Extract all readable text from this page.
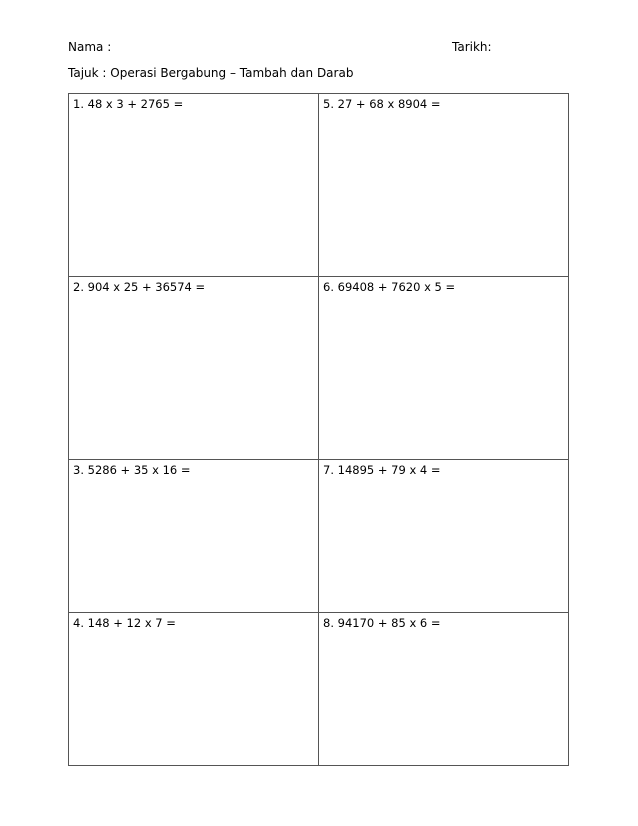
Nama :	Tarikh:
Tajuk : Operasi Bergabung – Tambah dan Darab
1. 48 x 3 + 2765 =	5. 27 + 68 x 8904 =
2. 904 x 25 + 36574 =	6. 69408 + 7620 x 5 =
3. 5286 + 35 x 16 =	7. 14895 + 79 x 4 =
4. 148 + 12 x 7 =	8. 94170 + 85 x 6 =
